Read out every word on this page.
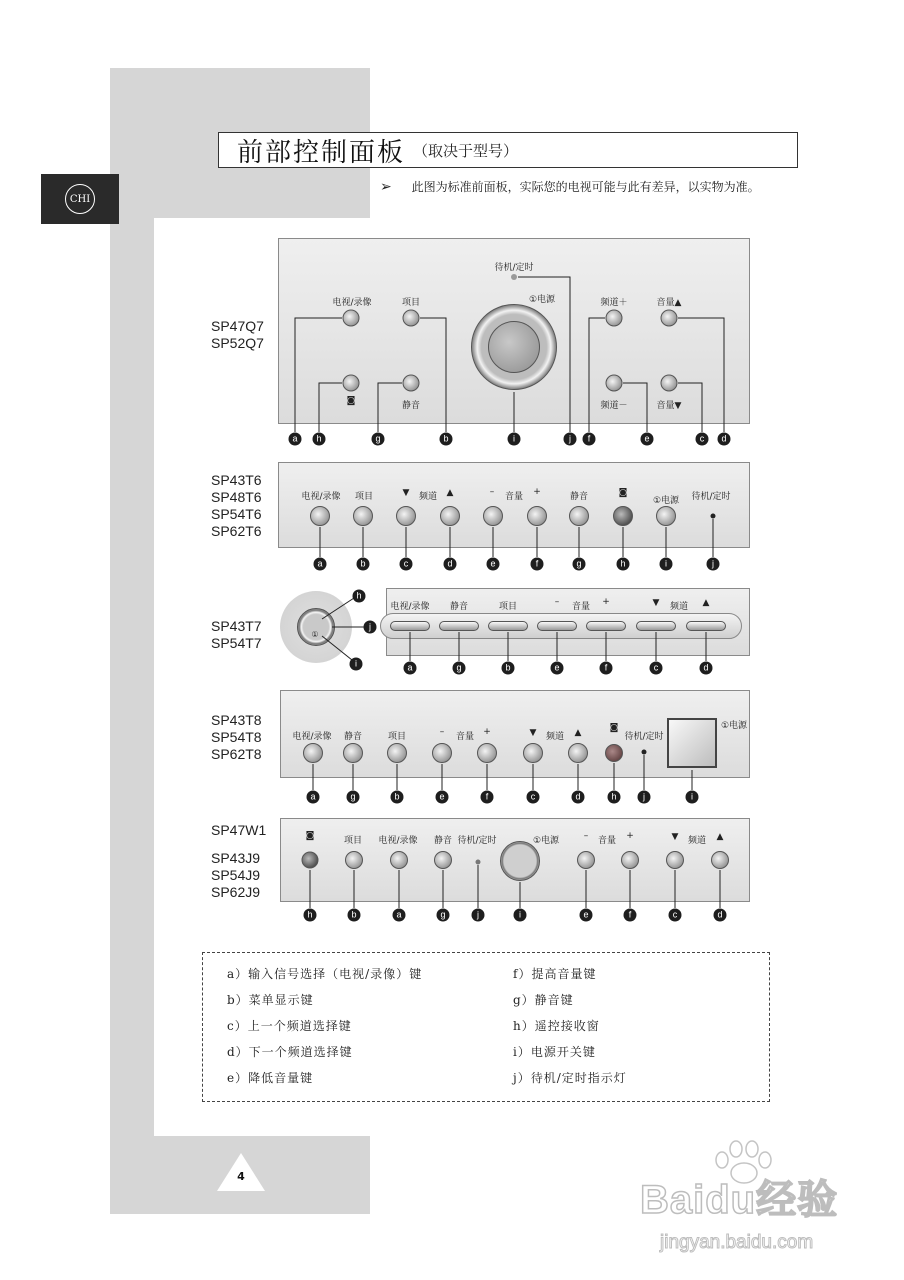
CHI
前部控制面板 （取决于型号）
➢ 此图为标准前面板，实际您的电视可能与此有差异，以实物为准。
SP47Q7
SP52Q7
电视/录像	项目
待机/定时
①电源	频道＋	音量▲
◙	静音	频道－	音量▼
SP43T6
SP48T6
SP54T6
SP62T6
电视/录像 项目	▼ 频道 ▲	– 音量 +	静音	◙
①电源 待机/定时
SP43T7
SP54T7
①
电视/录像 静音	项目	– 音量 +	▼ 频道 ▲
SP43T8
SP54T8
SP62T8
电视/录像 静音	项目	– 音量 +	▼ 频道 ▲	◙
待机/定时
①电源
SP47W1
SP43J9
SP54J9
SP62J9
◙	项目 电视/录像 静音 待机/定时	①电源	– 音量 +	▼ 频道 ▲
a	h	g	b	i	j	f	e	c	d
a	b	c	d	e	f	g	h	i	j
a	g	b	e	f	c	d
h
j
i
a	g	b	e	f	c	d	h	j	i
h	b	a	g	j	i	e	f	c	d
a）输入信号选择（电视/录像）键
b）菜单显示键
c）上一个频道选择键
d）下一个频道选择键
e）降低音量键
f）提高音量键
g）静音键
h）遥控接收窗
i）电源开关键
j）待机/定时指示灯
4
Baidu经验
jingyan.baidu.com
